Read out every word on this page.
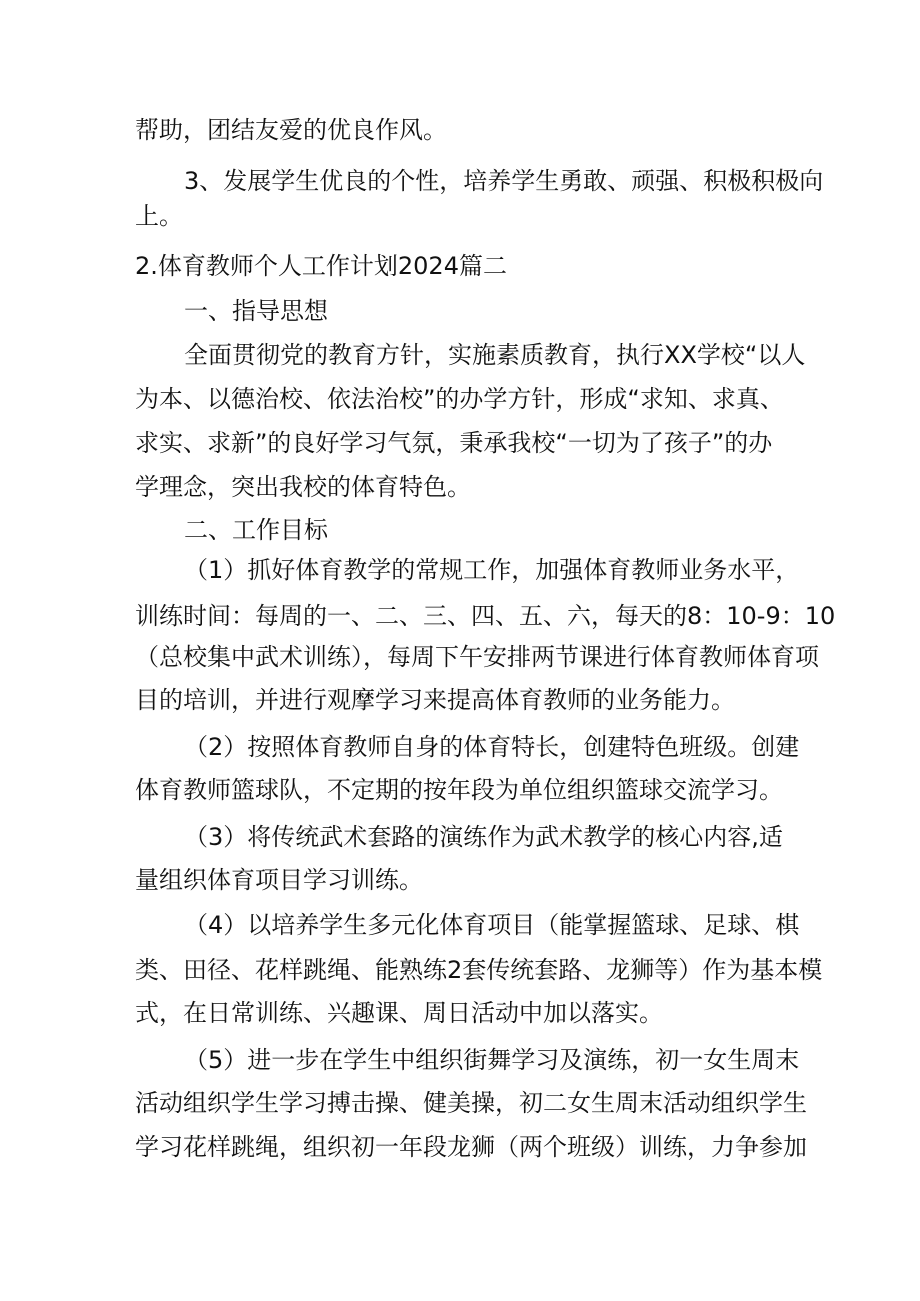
帮助，团结友爱的优良作风。
3、发展学生优良的个性，培养学生勇敢、顽强、积极积极向
上。
2.体育教师个人工作计划2024篇二
一、指导思想
全面贯彻党的教育方针，实施素质教育，执行XX学校“以人
为本、以德治校、依法治校”的办学方针，形成“求知、求真、
求实、求新”的良好学习气氛，秉承我校“一切为了孩子”的办
学理念，突出我校的体育特色。
二、工作目标
（1）抓好体育教学的常规工作，加强体育教师业务水平，
训练时间：每周的一、二、三、四、五、六，每天的8：10-9：10
（总校集中武术训练），每周下午安排两节课进行体育教师体育项
目的培训，并进行观摩学习来提高体育教师的业务能力。
（2）按照体育教师自身的体育特长，创建特色班级。创建
体育教师篮球队，不定期的按年段为单位组织篮球交流学习。
（3）将传统武术套路的演练作为武术教学的核心内容,适
量组织体育项目学习训练。
（4）以培养学生多元化体育项目（能掌握篮球、足球、棋
类、田径、花样跳绳、能熟练2套传统套路、龙狮等）作为基本模
式，在日常训练、兴趣课、周日活动中加以落实。
（5）进一步在学生中组织街舞学习及演练，初一女生周末
活动组织学生学习搏击操、健美操，初二女生周末活动组织学生
学习花样跳绳，组织初一年段龙狮（两个班级）训练，力争参加
